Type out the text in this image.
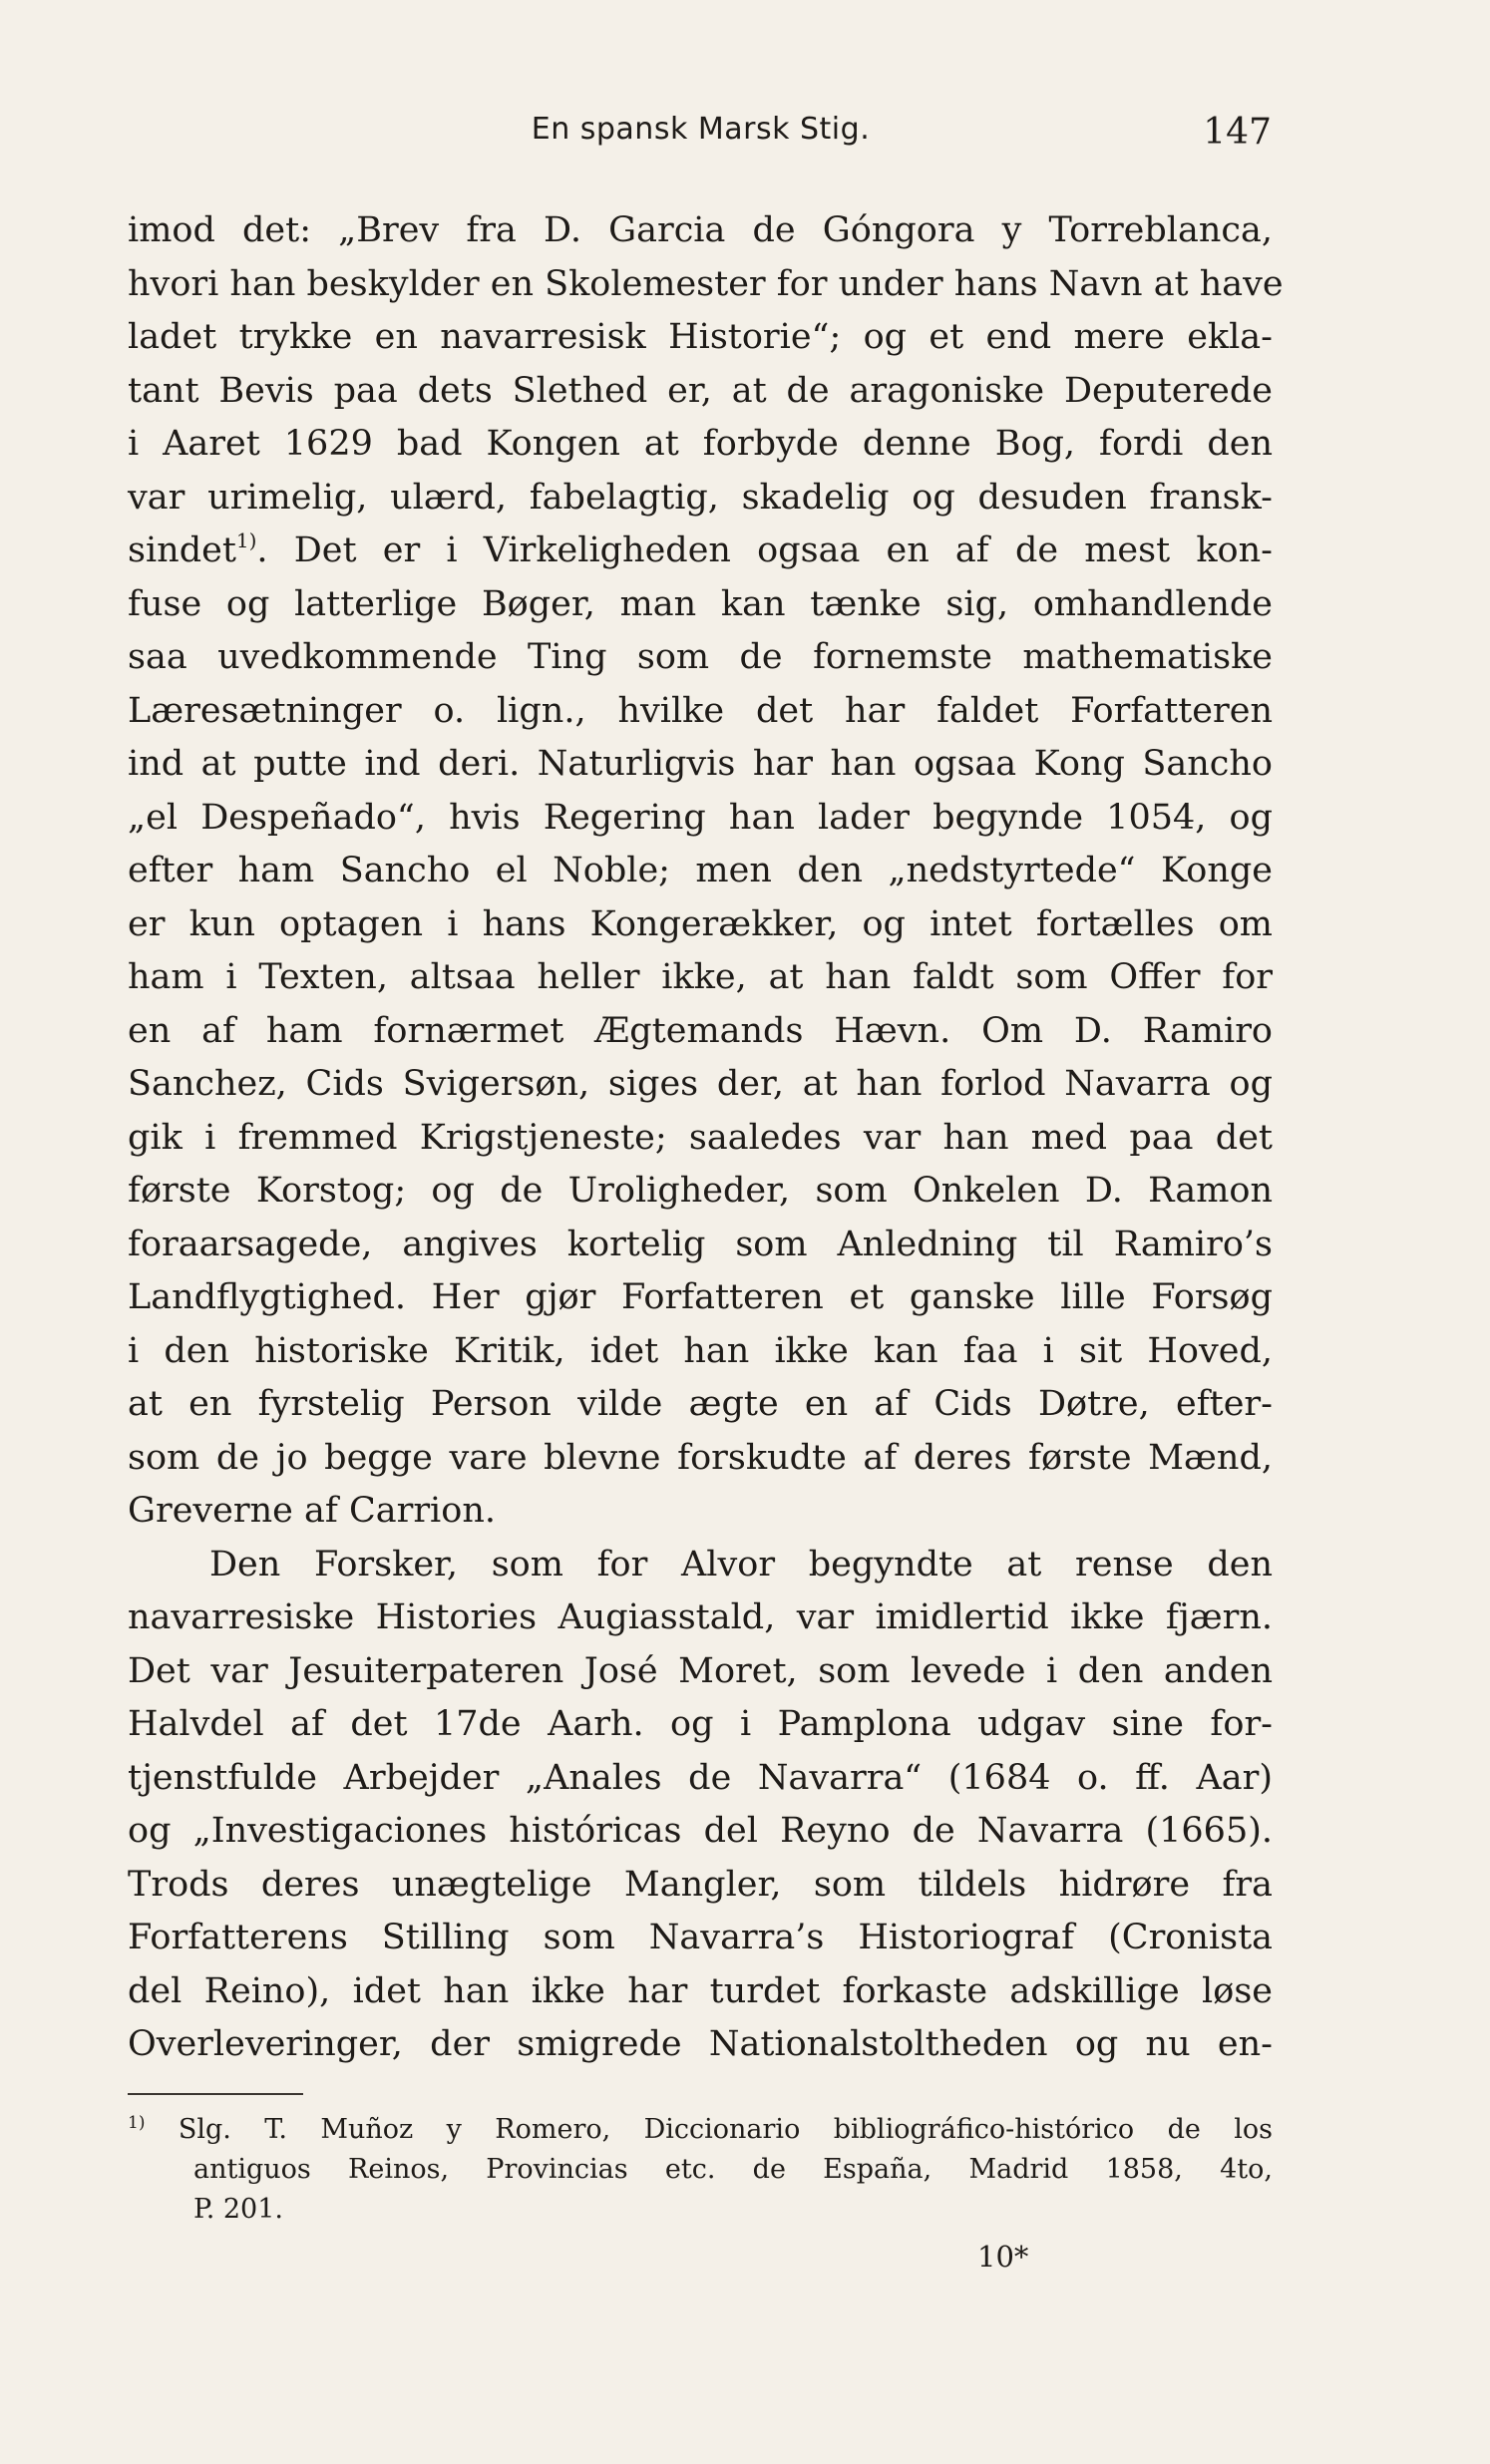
En spansk Marsk Stig.	147
imod det: „Brev fra D. Garcia de Góngora y Torreblanca,
hvori han beskylder en Skolemester for under hans Navn at have
ladet trykke en navarresisk Historie“; og et end mere ekla-
tant Bevis paa dets Slethed er, at de aragoniske Deputerede
i Aaret 1629 bad Kongen at forbyde denne Bog, fordi den
var urimelig, ulærd, fabelagtig, skadelig og desuden fransk-
sindet$^{1)}$. Det er i Virkeligheden ogsaa en af de mest kon-
fuse og latterlige Bøger, man kan tænke sig, omhandlende
saa uvedkommende Ting som de fornemste mathematiske
Læresætninger o. lign., hvilke det har faldet Forfatteren
ind at putte ind deri. Naturligvis har han ogsaa Kong Sancho
„el Despeñado“, hvis Regering han lader begynde 1054, og
efter ham Sancho el Noble; men den „nedstyrtede“ Konge
er kun optagen i hans Kongerækker, og intet fortælles om
ham i Texten, altsaa heller ikke, at han faldt som Offer for
en af ham fornærmet Ægtemands Hævn. Om D. Ramiro
Sanchez, Cids Svigersøn, siges der, at han forlod Navarra og
gik i fremmed Krigstjeneste; saaledes var han med paa det
første Korstog; og de Uroligheder, som Onkelen D. Ramon
foraarsagede, angives kortelig som Anledning til Ramiro’s
Landflygtighed. Her gjør Forfatteren et ganske lille Forsøg
i den historiske Kritik, idet han ikke kan faa i sit Hoved,
at en fyrstelig Person vilde ægte en af Cids Døtre, efter-
som de jo begge vare blevne forskudte af deres første Mænd,
Greverne af Carrion.
Den Forsker, som for Alvor begyndte at rense den
navarresiske Histories Augiasstald, var imidlertid ikke fjærn.
Det var Jesuiterpateren José Moret, som levede i den anden
Halvdel af det 17de Aarh. og i Pamplona udgav sine for-
tjenstfulde Arbejder „Anales de Navarra“ (1684 o. ff. Aar)
og „Investigaciones históricas del Reyno de Navarra (1665).
Trods deres unægtelige Mangler, som tildels hidrøre fra
Forfatterens Stilling som Navarra’s Historiograf (Cronista
del Reino), idet han ikke har turdet forkaste adskillige løse
Overleveringer, der smigrede Nationalstoltheden og nu en-
$^{1)}$ Slg. T. Muñoz y Romero, Diccionario bibliográfico-histórico de los
antiguos Reinos, Provincias etc. de España, Madrid 1858, 4to,
P. 201.
10*
